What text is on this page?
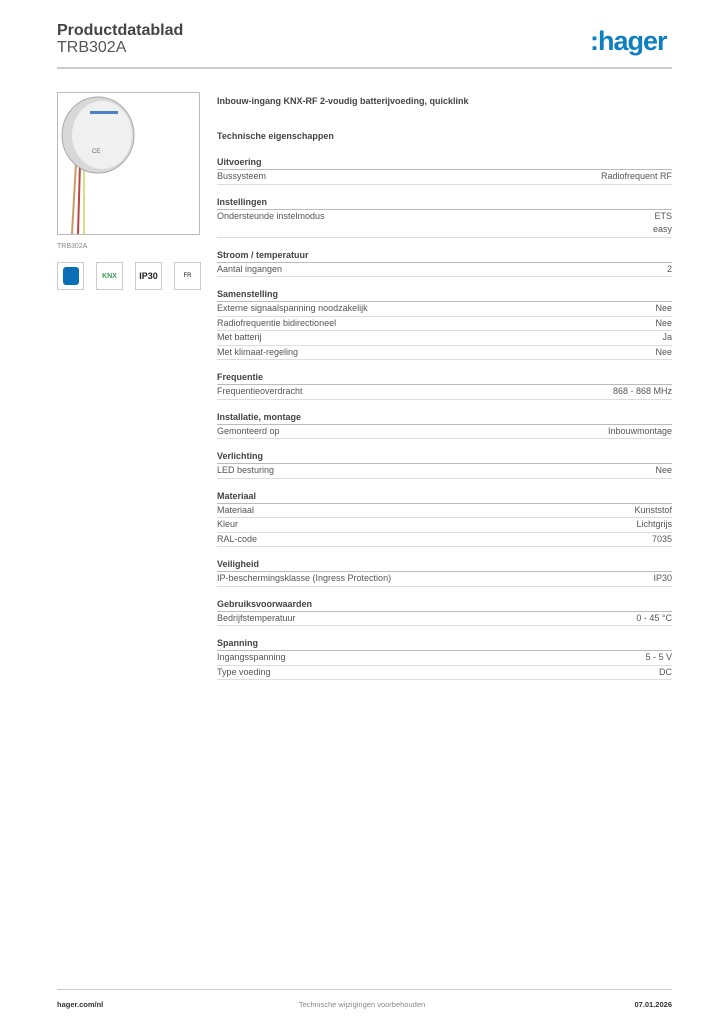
Productdatablad
TRB302A	:hager
CE
TRB302A
KNX	IP30	FR
Inbouw-ingang KNX-RF 2-voudig batterijvoeding, quicklink
Technische eigenschappen
Uitvoering
Bussysteem	Radiofrequent RF
Instellingen
Ondersteunde instelmodus	ETS
easy
Stroom / temperatuur
Aantal ingangen	2
Samenstelling
Externe signaalspanning noodzakelijk	Nee
Radiofrequentie bidirectioneel	Nee
Met batterij	Ja
Met klimaat-regeling	Nee
Frequentie
Frequentieoverdracht	868 - 868 MHz
Installatie, montage
Gemonteerd op	Inbouwmontage
Verlichting
LED besturing	Nee
Materiaal
Materiaal	Kunststof
Kleur	Lichtgrijs
RAL-code	7035
Veiligheid
IP-beschermingsklasse (Ingress Protection)	IP30
Gebruiksvoorwaarden
Bedrijfstemperatuur	0 - 45 °C
Spanning
Ingangsspanning	5 - 5 V
Type voeding	DC
hager.com/nl	Technische wijzigingen voorbehouden	07.01.2026
